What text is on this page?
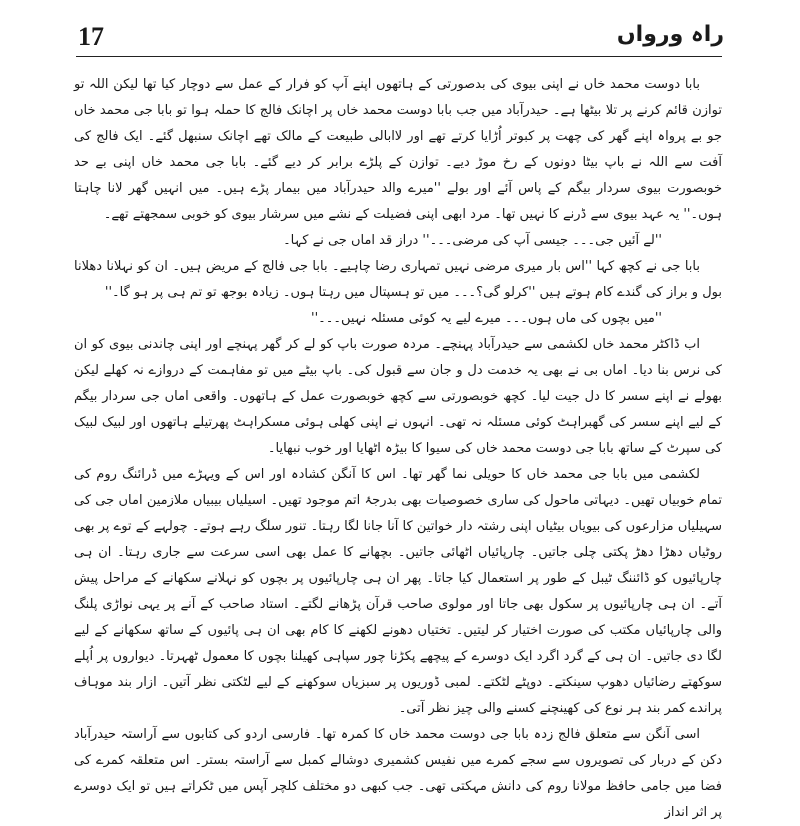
راہ ورواں
17

بابا دوست محمد خاں نے اپنی بیوی کی بدصورتی کے ہاتھوں اپنے آپ کو فرار کے عمل سے دوچار کیا تھا لیکن اللہ تو توازن قائم کرنے پر تلا بیٹھا ہے۔ حیدرآباد میں جب بابا دوست محمد خاں پر اچانک فالج کا حملہ ہوا تو بابا جی محمد خاں جو بے پرواہ اپنے گھر کی چھت پر کبوتر اُڑایا کرتے تھے اور لاابالی طبیعت کے مالک تھے اچانک سنبھل گئے۔ ایک فالج کی آفت سے اللہ نے باپ بیٹا دونوں کے رخ موڑ دیے۔ توازن کے پلڑے برابر کر دیے گئے۔ بابا جی محمد خاں اپنی بے حد خوبصورت بیوی سردار بیگم کے پاس آئے اور بولے ''میرے والد حیدرآباد میں بیمار پڑے ہیں۔ میں انہیں گھر لانا چاہتا ہوں۔'' یہ عہد بیوی سے ڈرنے کا نہیں تھا۔ مرد ابھی اپنی فضیلت کے نشے میں سرشار بیوی کو خوبی سمجھتے تھے۔

''لے آئیں جی۔۔۔ جیسی آپ کی مرضی۔۔۔'' دراز قد اماں جی نے کہا۔

بابا جی نے کچھ کہا ''اس بار میری مرضی نہیں تمہاری رضا چاہیے۔ بابا جی فالج کے مریض ہیں۔ ان کو نہلانا دھلانا بول و براز کی گندے کام ہوتے ہیں ''کرلو گی؟۔۔۔ میں تو ہسپتال میں رہتا ہوں۔ زیادہ بوجھ تو تم ہی پر ہو گا۔''

''میں بچوں کی ماں ہوں۔۔۔ میرے لیے یہ کوئی مسئلہ نہیں۔۔۔''

اب ڈاکٹر محمد خاں لکشمی سے حیدرآباد پہنچے۔ مردہ صورت باپ کو لے کر گھر پہنچے اور اپنی چاندنی بیوی کو ان کی نرس بنا دیا۔ اماں بی نے بھی یہ خدمت دل و جان سے قبول کی۔ باپ بیٹے میں تو مفاہمت کے دروازے نہ کھلے لیکن بھولے نے اپنے سسر کا دل جیت لیا۔ کچھ خوبصورتی سے کچھ خوبصورت عمل کے ہاتھوں۔ واقعی اماں جی سردار بیگم کے لیے اپنے سسر کی گھبراہٹ کوئی مسئلہ نہ تھی۔ انہوں نے اپنی کھلی ہوئی مسکراہٹ پھرتیلے ہاتھوں اور لبیک لبیک کی سپرٹ کے ساتھ بابا جی دوست محمد خاں کی سیوا کا بیڑہ اٹھایا اور خوب نبھایا۔

لکشمی میں بابا جی محمد خاں کا حویلی نما گھر تھا۔ اس کا آنگن کشادہ اور اس کے ویہڑے میں ڈرائنگ روم کی تمام خوبیاں تھیں۔ دیہاتی ماحول کی ساری خصوصیات بھی بدرجۂ اتم موجود تھیں۔ اسیلیاں بیبیاں ملازمین اماں جی کی سہیلیاں مزارعوں کی بیویاں بیٹیاں اپنی رشتہ دار خواتین کا آنا جانا لگا رہتا۔ تنور سلگ رہے ہوتے۔ چولہے کے توے پر بھی روٹیاں دھڑا دھڑ پکتی چلی جاتیں۔ چارپائیاں اٹھائی جاتیں۔ بچھانے کا عمل بھی اسی سرعت سے جاری رہتا۔ ان ہی چارپائیوں کو ڈائننگ ٹیبل کے طور پر استعمال کیا جاتا۔ پھر ان ہی چارپائیوں پر بچوں کو نہلانے سکھانے کے مراحل پیش آتے۔ ان ہی چارپائیوں پر سکول بھی جاتا اور مولوی صاحب قرآن پڑھانے لگتے۔ استاد صاحب کے آنے پر یہی نواڑی پلنگ والی چارپائیاں مکتب کی صورت اختیار کر لیتیں۔ تختیاں دھونے لکھنے کا کام بھی ان ہی پائیوں کے ساتھ سکھانے کے لیے لگا دی جاتیں۔ ان ہی کے گرد اگرد ایک دوسرے کے پیچھے پکڑنا چور سپاہی کھیلنا بچوں کا معمول ٹھہرتا۔ دیواروں پر اُپلے سوکھتے رضائیاں دھوپ سینکتے۔ دوپٹے لٹکتے۔ لمبی ڈوریوں پر سبزیاں سوکھنے کے لیے لٹکتی نظر آتیں۔ ازار بند موہاف پراندے کمر بند ہر نوع کی کھینچنے کسنے والی چیز نظر آتی۔

اسی آنگن سے متعلق فالج زدہ بابا جی دوست محمد خاں کا کمرہ تھا۔ فارسی اردو کی کتابوں سے آراستہ حیدرآباد دکن کے دربار کی تصویروں سے سجے کمرے میں نفیس کشمیری دوشالے کمبل سے آراستہ بستر۔ اس متعلقہ کمرے کی فضا میں جامی حافظ مولانا روم کی دانش مہکتی تھی۔ جب کبھی دو مختلف کلچر آپس میں ٹکراتے ہیں تو ایک دوسرے پر اثر انداز
